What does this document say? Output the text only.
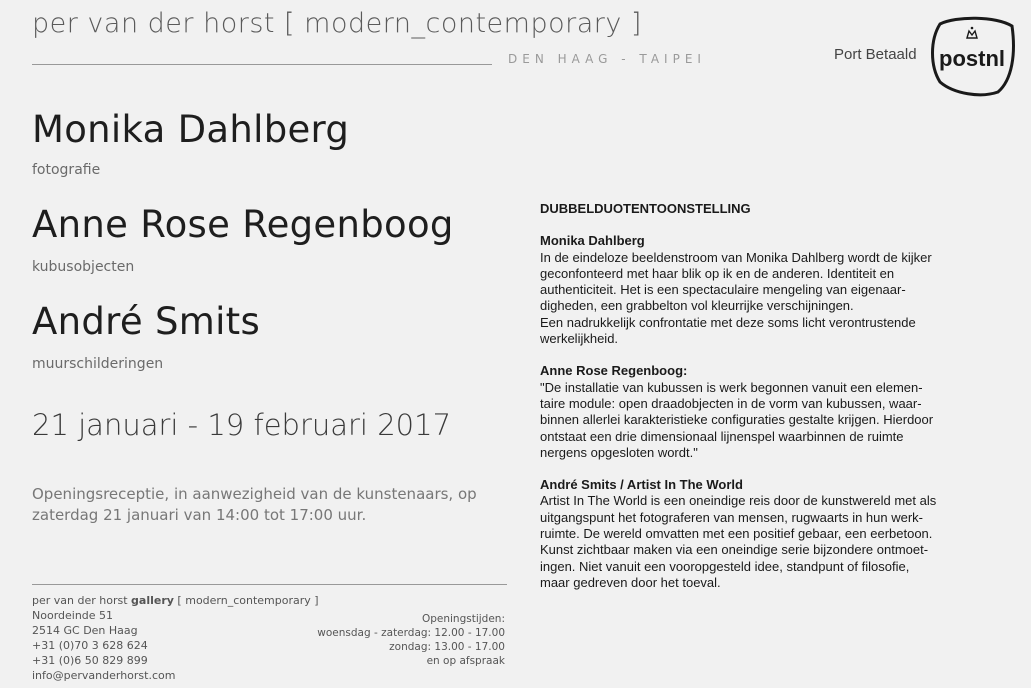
per van der horst [ modern_contemporary ]
DEN HAAG - TAIPEI	Port Betaald postnl
Monika Dahlberg
fotografie
Anne Rose Regenboog
kubusobjecten
André Smits
muurschilderingen
21 januari - 19 februari 2017
Openingsreceptie, in aanwezigheid van de kunstenaars, op zaterdag 21 januari van 14:00 tot 17:00 uur.
per van der horst gallery [ modern_contemporary ]
Noordeinde 51
2514 GC Den Haag
+31 (0)70 3 628 624
+31 (0)6 50 829 899
info@pervanderhorst.com
Openingstijden:
woensdag - zaterdag: 12.00 - 17.00
zondag: 13.00 - 17.00
en op afspraak
DUBBELDUOTENTOONSTELLING
Monika Dahlberg

In de eindeloze beeldenstroom van Monika Dahlberg wordt de kijker

geconfonteerd met haar blik op ik en de anderen. Identiteit en

authenticiteit. Het is een spectaculaire mengeling van eigenaar-

digheden, een grabbelton vol kleurrijke verschijningen.

Een nadrukkelijk confrontatie met deze soms licht verontrustende

werkelijkheid.

Anne Rose Regenboog:

"De installatie van kubussen is werk begonnen vanuit een elemen-

taire module: open draadobjecten in de vorm van kubussen, waar-

binnen allerlei karakteristieke configuraties gestalte krijgen. Hierdoor

ontstaat een drie dimensionaal lijnenspel waarbinnen de ruimte

nergens opgesloten wordt."

André Smits / Artist In The World

Artist In The World is een oneindige reis door de kunstwereld met als

uitgangspunt het fotograferen van mensen, rugwaarts in hun werk-

ruimte. De wereld omvatten met een positief gebaar, een eerbetoon.

Kunst zichtbaar maken via een oneindige serie bijzondere ontmoet-

ingen. Niet vanuit een vooropgesteld idee, standpunt of filosofie,

maar gedreven door het toeval.
